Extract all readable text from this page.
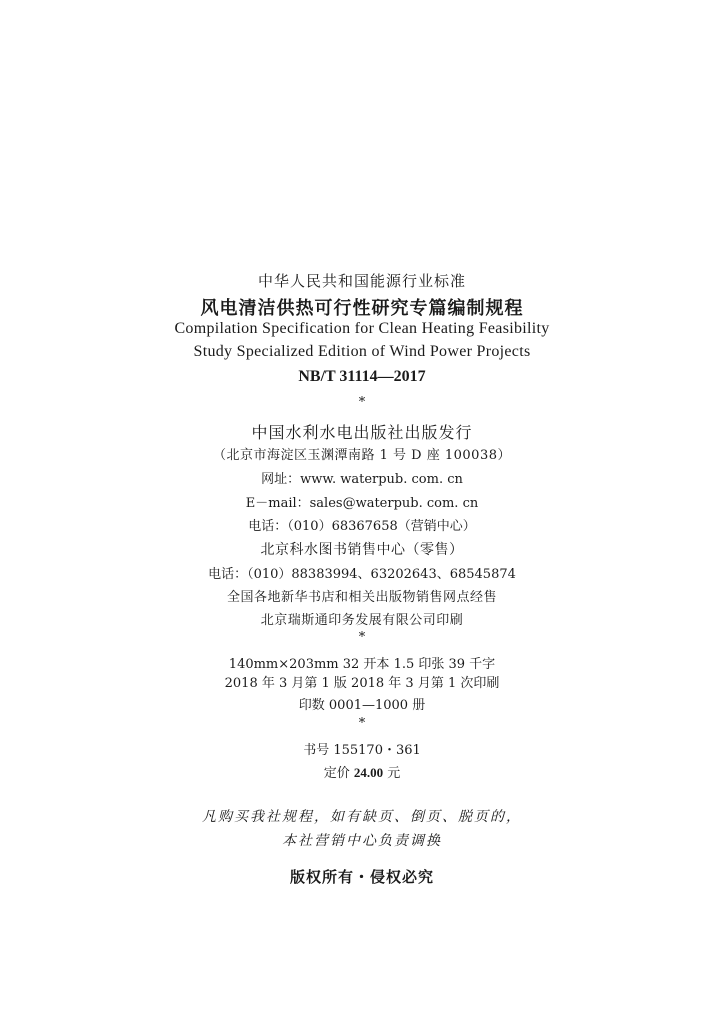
中华人民共和国能源行业标准
风电清洁供热可行性研究专篇编制规程
Compilation Specification for Clean Heating Feasibility
Study Specialized Edition of Wind Power Projects
NB/T 31114—2017
*
中国水利水电出版社出版发行
（北京市海淀区玉渊潭南路 1 号 D 座 100038）
网址：www. waterpub. com. cn
E－mail：sales@waterpub. com. cn
电话：（010）68367658（营销中心）
北京科水图书销售中心（零售）
电话：（010）88383994、63202643、68545874
全国各地新华书店和相关出版物销售网点经售
北京瑞斯通印务发展有限公司印刷
*
140mm×203mm 32 开本 1.5 印张 39 千字
2018 年 3 月第 1 版 2018 年 3 月第 1 次印刷
印数 0001—1000 册
*
书号 155170・361
定价 24.00 元
凡购买我社规程，如有缺页、倒页、脱页的，
本社营销中心负责调换
版权所有・侵权必究
